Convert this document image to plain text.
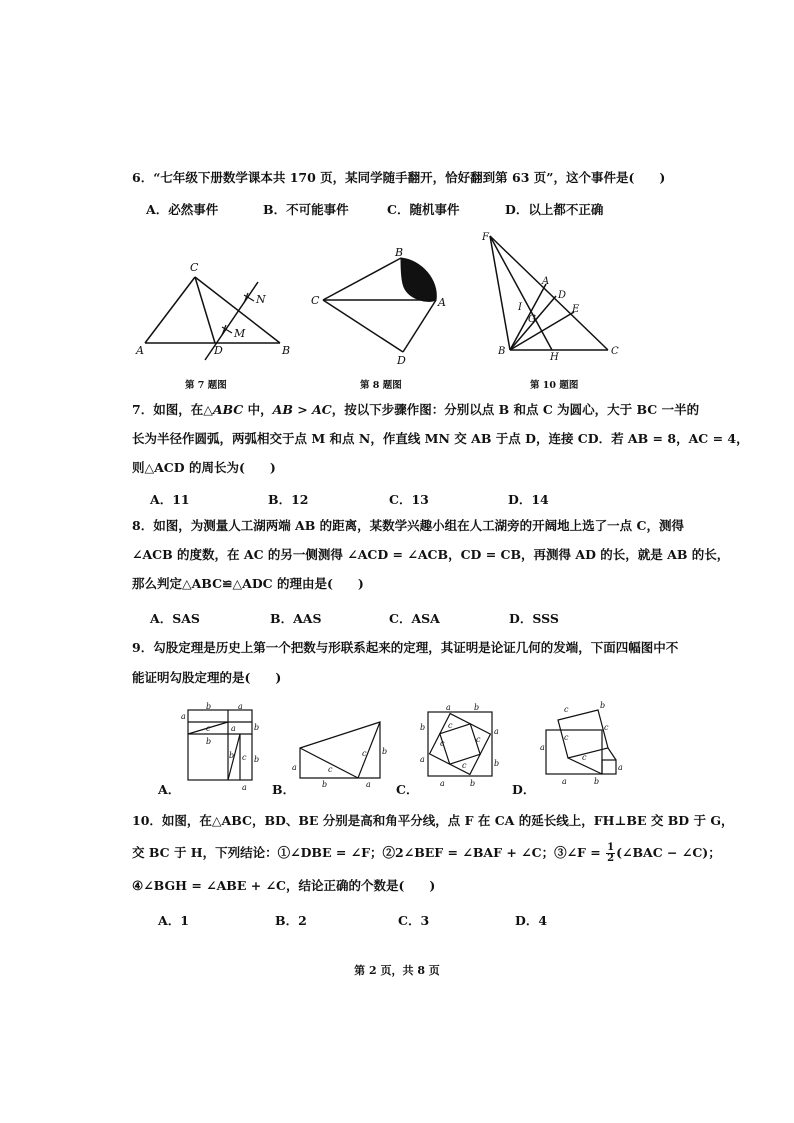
6．“七年级下册数学课本共 170 页，某同学随手翻开，恰好翻到第 63 页”，这个事件是(　　)
A．必然事件	B．不可能事件	C．随机事件	D．以上都不正确
C
N
M
A	D	B
第 7 题图
B
C	A
D
第 8 题图
F
A
D
I
G
E
B
H
C
第 10 题图
7．如图，在△ABC 中，AB > AC，按以下步骤作图：分别以点 B 和点 C 为圆心，大于 BC 一半的
长为半径作圆弧，两弧相交于点 M 和点 N，作直线 MN 交 AB 于点 D，连接 CD．若 AB = 8，AC = 4，
则△ACD 的周长为(　　)
A．11	B．12	C．13	D．14
8．如图，为测量人工湖两端 AB 的距离，某数学兴趣小组在人工湖旁的开阔地上选了一点 C，测得
∠ACB 的度数，在 AC 的另一侧测得 ∠ACD = ∠ACB，CD = CB，再测得 AD 的长，就是 AB 的长，
那么判定△ABC≌△ADC 的理由是(　　)
A．SAS	B．AAS	C．ASA	D．SSS
9．勾股定理是历史上第一个把数与形联系起来的定理，其证明是论证几何的发端，下面四幅图中不
能证明勾股定理的是(　　)
A．
b	a
a
c
b
a b
b c b
a B．
a	c
c b
b	a C．
a	b
b
a
a
b
a	b
c
c	c
c
D．
c	b
a
c
c
c
a
b
a
10．如图，在△ABC，BD、BE 分别是高和角平分线，点 F 在 CA 的延长线上，FH⊥BE 交 BD 于 G，
交 BC 于 H，下列结论：①∠DBE = ∠F；②2∠BEF = ∠BAF + ∠C；③∠F = $\frac{1}{2}$ (∠BAC − ∠C)；
④∠BGH = ∠ABE + ∠C，结论正确的个数是(　　)
A．1	B．2	C．3	D．4
第 2 页，共 8 页
